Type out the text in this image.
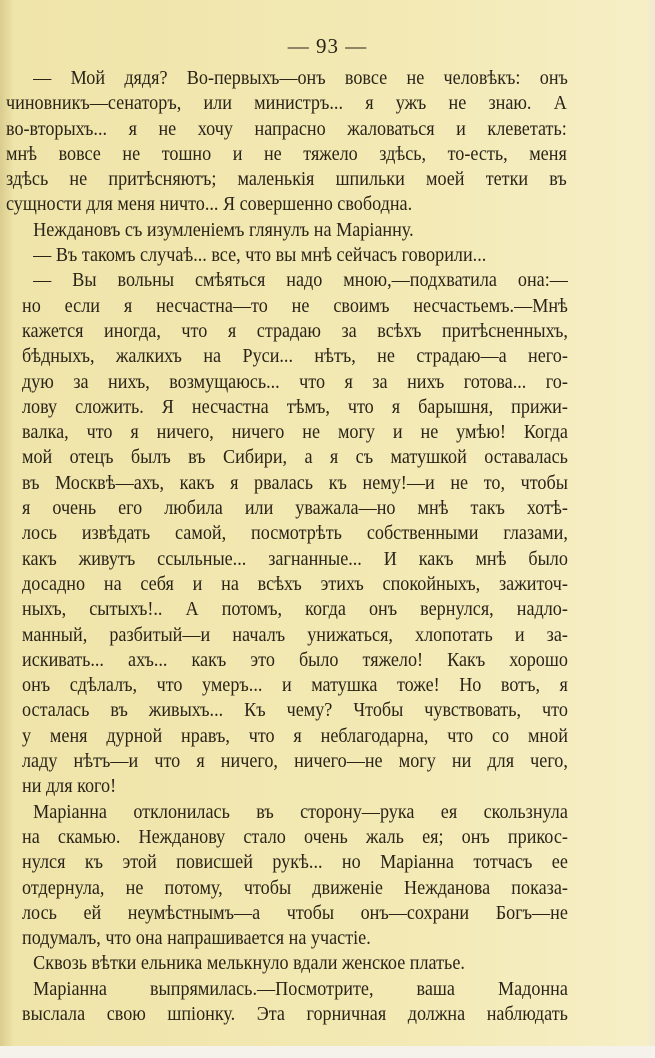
— 93 —
— Мой дядя? Во-первыхъ—онъ вовсе не человѣкъ: онъ
чиновникъ—сенаторъ, или министръ... я ужъ не знаю. А
во-вторыхъ... я не хочу напрасно жаловаться и клеветать:
мнѣ вовсе не тошно и не тяжело здѣсь, то-есть, меня
здѣсь не притѣсняютъ; маленькія шпильки моей тетки въ
сущности для меня ничто... Я совершенно свободна.
Неждановъ съ изумленіемъ глянулъ на Маріанну.
— Въ такомъ случаѣ... все, что вы мнѣ сейчасъ говорили...
— Вы вольны смѣяться надо мною,—подхватила она:—
но если я несчастна—то не своимъ несчастьемъ.—Мнѣ
кажется иногда, что я страдаю за всѣхъ притѣсненныхъ,
бѣдныхъ, жалкихъ на Руси... нѣтъ, не страдаю—а него-
дую за нихъ, возмущаюсь... что я за нихъ готова... го-
лову сложить. Я несчастна тѣмъ, что я барышня, прижи-
валка, что я ничего, ничего не могу и не умѣю! Когда
мой отецъ былъ въ Сибири, а я съ матушкой оставалась
въ Москвѣ—ахъ, какъ я рвалась къ нему!—и не то, чтобы
я очень его любила или уважала—но мнѣ такъ хотѣ-
лось извѣдать самой, посмотрѣть собственными глазами,
какъ живутъ ссыльные... загнанные... И какъ мнѣ было
досадно на себя и на всѣхъ этихъ спокойныхъ, зажиточ-
ныхъ, сытыхъ!.. А потомъ, когда онъ вернулся, надло-
манный, разбитый—и началъ унижаться, хлопотать и за-
искивать... ахъ... какъ это было тяжело! Какъ хорошо
онъ сдѣлалъ, что умеръ... и матушка тоже! Но вотъ, я
осталась въ живыхъ... Къ чему? Чтобы чувствовать, что
у меня дурной нравъ, что я неблагодарна, что со мной
ладу нѣтъ—и что я ничего, ничего—не могу ни для чего,
ни для кого!
Маріанна отклонилась въ сторону—рука ея скользнула
на скамью. Нежданову стало очень жаль ея; онъ прикос-
нулся къ этой повисшей рукѣ... но Маріанна тотчасъ ее
отдернула, не потому, чтобы движеніе Нежданова показа-
лось ей неумѣстнымъ—а чтобы онъ—сохрани Богъ—не
подумалъ, что она напрашивается на участіе.
Сквозь вѣтки ельника мелькнуло вдали женское платье.
Маріанна выпрямилась.—Посмотрите, ваша Мадонна
выслала свою шпіонку. Эта горничная должна наблюдать
